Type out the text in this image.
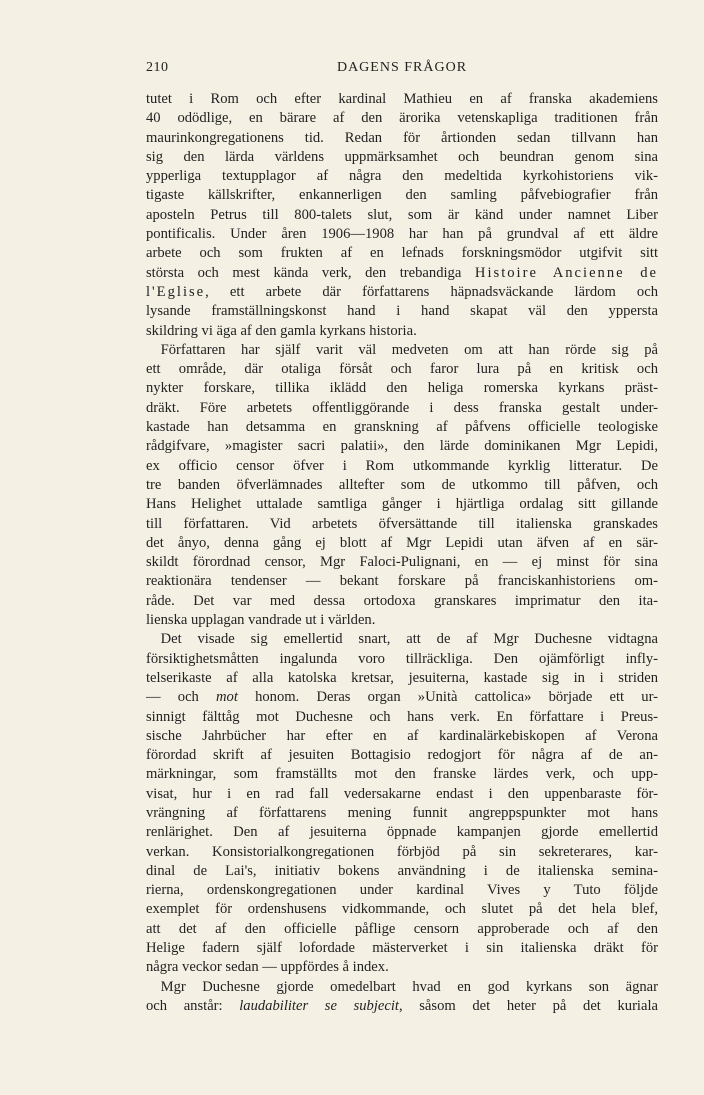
210	DAGENS FRÅGOR
tutet i Rom och efter kardinal Mathieu en af franska akademiens
40 odödlige, en bärare af den ärorika vetenskapliga traditionen från
maurinkongregationens tid. Redan för årtionden sedan tillvann han
sig den lärda världens uppmärksamhet och beundran genom sina
ypperliga textupplagor af några den medeltida kyrkohistoriens vik-
tigaste källskrifter, enkannerligen den samling påfvebiografier från
aposteln Petrus till 800-talets slut, som är känd under namnet Liber
pontificalis. Under åren 1906—1908 har han på grundval af ett äldre
arbete och som frukten af en lefnads forskningsmödor utgifvit sitt
största och mest kända verk, den trebandiga Histoire Ancienne de
l'Eglise, ett arbete där författarens häpnadsväckande lärdom och
lysande framställningskonst hand i hand skapat väl den yppersta
skildring vi äga af den gamla kyrkans historia.
 Författaren har själf varit väl medveten om att han rörde sig på
ett område, där otaliga försåt och faror lura på en kritisk och
nykter forskare, tillika iklädd den heliga romerska kyrkans präst-
dräkt. Före arbetets offentliggörande i dess franska gestalt under-
kastade han detsamma en granskning af påfvens officielle teologiske
rådgifvare, »magister sacri palatii», den lärde dominikanen Mgr Lepidi,
ex officio censor öfver i Rom utkommande kyrklig litteratur. De
tre banden öfverlämnades alltefter som de utkommo till påfven, och
Hans Helighet uttalade samtliga gånger i hjärtliga ordalag sitt gillande
till författaren. Vid arbetets öfversättande till italienska granskades
det ånyo, denna gång ej blott af Mgr Lepidi utan äfven af en sär-
skildt förordnad censor, Mgr Faloci-Pulignani, en — ej minst för sina
reaktionära tendenser — bekant forskare på franciskanhistoriens om-
råde. Det var med dessa ortodoxa granskares imprimatur den ita-
lienska upplagan vandrade ut i världen.
 Det visade sig emellertid snart, att de af Mgr Duchesne vidtagna
försiktighetsmåtten ingalunda voro tillräckliga. Den ojämförligt infly-
telserikaste af alla katolska kretsar, jesuiterna, kastade sig in i striden
— och mot honom. Deras organ »Unità cattolica» började ett ur-
sinnigt fälttåg mot Duchesne och hans verk. En författare i Preus-
sische Jahrbücher har efter en af kardinalärkebiskopen af Verona
förordad skrift af jesuiten Bottagisio redogjort för några af de an-
märkningar, som framställts mot den franske lärdes verk, och upp-
visat, hur i en rad fall vedersakarne endast i den uppenbaraste för-
vrängning af författarens mening funnit angreppspunkter mot hans
renlärighet. Den af jesuiterna öppnade kampanjen gjorde emellertid
verkan. Konsistorialkongregationen förbjöd på sin sekreterares, kar-
dinal de Lai's, initiativ bokens användning i de italienska semina-
rierna, ordenskongregationen under kardinal Vives y Tuto följde
exemplet för ordenshusens vidkommande, och slutet på det hela blef,
att det af den officielle påflige censorn approberade och af den
Helige fadern själf lofordade mästerverket i sin italienska dräkt för
några veckor sedan — uppfördes å index.
 Mgr Duchesne gjorde omedelbart hvad en god kyrkans son ägnar
och anstår: laudabiliter se subjecit, såsom det heter på det kuriala
